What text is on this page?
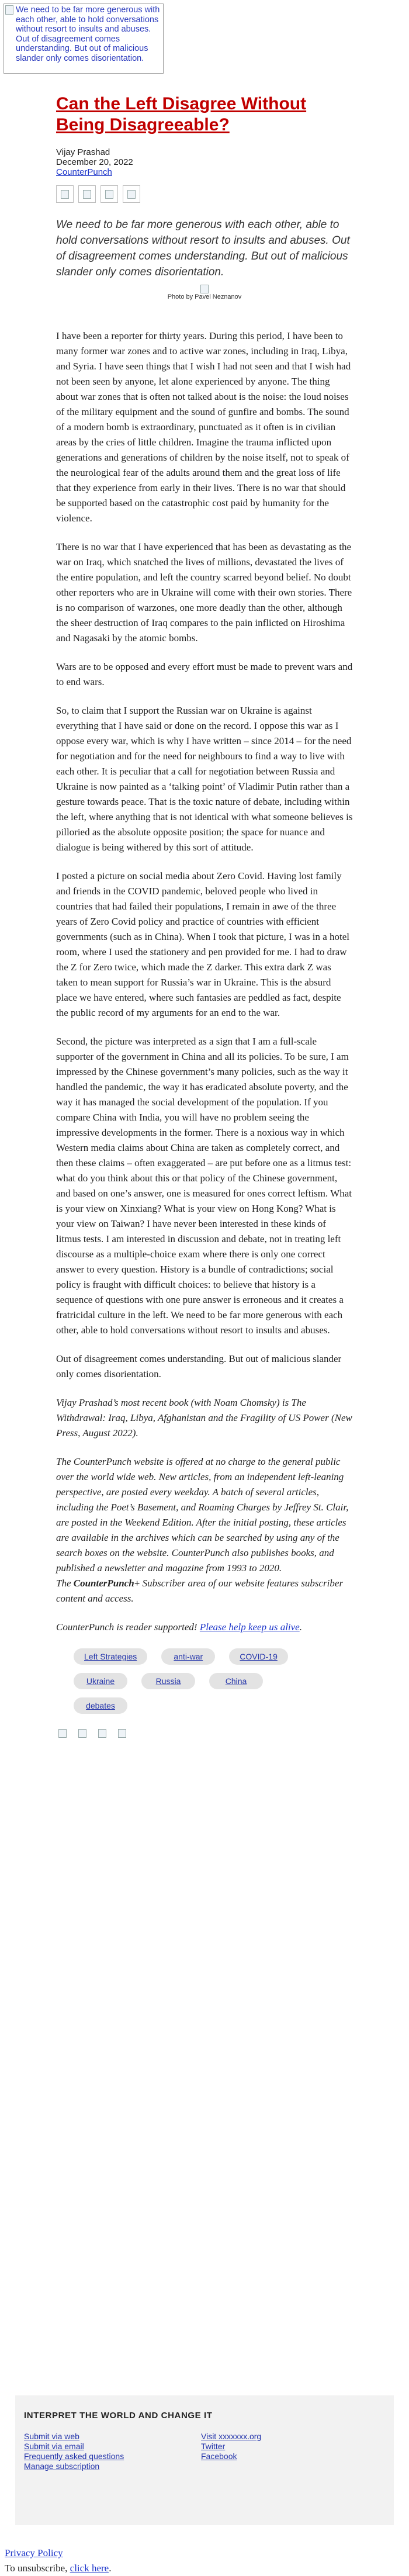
We need to be far more generous with each other, able to hold conversations without resort to insults and abuses. Out of disagreement comes understanding. But out of malicious slander only comes disorientation.
Can the Left Disagree Without Being Disagreeable?
Vijay Prashad
December 20, 2022
CounterPunch
We need to be far more generous with each other, able to hold conversations without resort to insults and abuses. Out of disagreement comes understanding. But out of malicious slander only comes disorientation.
Photo by Pavel Neznanov

I have been a reporter for thirty years. During this period, I have been to many former war zones and to active war zones, including in Iraq, Libya, and Syria. I have seen things that I wish I had not seen and that I wish had not been seen by anyone, let alone experienced by anyone. The thing about war zones that is often not talked about is the noise: the loud noises of the military equipment and the sound of gunfire and bombs. The sound of a modern bomb is extraordinary, punctuated as it often is in civilian areas by the cries of little children. Imagine the trauma inflicted upon generations and generations of children by the noise itself, not to speak of the neurological fear of the adults around them and the great loss of life that they experience from early in their lives. There is no war that should be supported based on the catastrophic cost paid by humanity for the violence.

There is no war that I have experienced that has been as devastating as the war on Iraq, which snatched the lives of millions, devastated the lives of the entire population, and left the country scarred beyond belief. No doubt other reporters who are in Ukraine will come with their own stories. There is no comparison of warzones, one more deadly than the other, although the sheer destruction of Iraq compares to the pain inflicted on Hiroshima and Nagasaki by the atomic bombs.

Wars are to be opposed and every effort must be made to prevent wars and to end wars.

So, to claim that I support the Russian war on Ukraine is against everything that I have said or done on the record. I oppose this war as I oppose every war, which is why I have written – since 2014 – for the need for negotiation and for the need for neighbours to find a way to live with each other. It is peculiar that a call for negotiation between Russia and Ukraine is now painted as a ‘talking point’ of Vladimir Putin rather than a gesture towards peace. That is the toxic nature of debate, including within the left, where anything that is not identical with what someone believes is pilloried as the absolute opposite position; the space for nuance and dialogue is being withered by this sort of attitude.

I posted a picture on social media about Zero Covid. Having lost family and friends in the COVID pandemic, beloved people who lived in countries that had failed their populations, I remain in awe of the three years of Zero Covid policy and practice of countries with efficient governments (such as in China). When I took that picture, I was in a hotel room, where I used the stationery and pen provided for me. I had to draw the Z for Zero twice, which made the Z darker. This extra dark Z was taken to mean support for Russia’s war in Ukraine. This is the absurd place we have entered, where such fantasies are peddled as fact, despite the public record of my arguments for an end to the war.

Second, the picture was interpreted as a sign that I am a full-scale supporter of the government in China and all its policies. To be sure, I am impressed by the Chinese government’s many policies, such as the way it handled the pandemic, the way it has eradicated absolute poverty, and the way it has managed the social development of the population. If you compare China with India, you will have no problem seeing the impressive developments in the former. There is a noxious way in which Western media claims about China are taken as completely correct, and then these claims – often exaggerated – are put before one as a litmus test: what do you think about this or that policy of the Chinese government, and based on one’s answer, one is measured for ones correct leftism. What is your view on Xinxiang? What is your view on Hong Kong? What is your view on Taiwan? I have never been interested in these kinds of litmus tests. I am interested in discussion and debate, not in treating left discourse as a multiple-choice exam where there is only one correct answer to every question. History is a bundle of contradictions; social policy is fraught with difficult choices: to believe that history is a sequence of questions with one pure answer is erroneous and it creates a fratricidal culture in the left. We need to be far more generous with each other, able to hold conversations without resort to insults and abuses.

Out of disagreement comes understanding. But out of malicious slander only comes disorientation.

Vijay Prashad’s most recent book (with Noam Chomsky) is The Withdrawal: Iraq, Libya, Afghanistan and the Fragility of US Power (New Press, August 2022).

The CounterPunch website is offered at no charge to the general public over the world wide web. New articles, from an independent left-leaning perspective, are posted every weekday. A batch of several articles, including the Poet’s Basement, and Roaming Charges by Jeffrey St. Clair, are posted in the Weekend Edition. After the initial posting, these articles are available in the archives which can be searched by using any of the search boxes on the website. CounterPunch also publishes books, and published a newsletter and magazine from 1993 to 2020.
The CounterPunch+ Subscriber area of our website features subscriber content and access.

CounterPunch is reader supported! Please help keep us alive.

Left Strategies	anti-war	COVID-19
Ukraine	Russia	China
debates
INTERPRET THE WORLD AND CHANGE IT
Submit via web
Submit via email
Frequently asked questions
Manage subscription
Visit xxxxxxx.org
Twitter
Facebook
Privacy Policy
To unsubscribe, click here.
